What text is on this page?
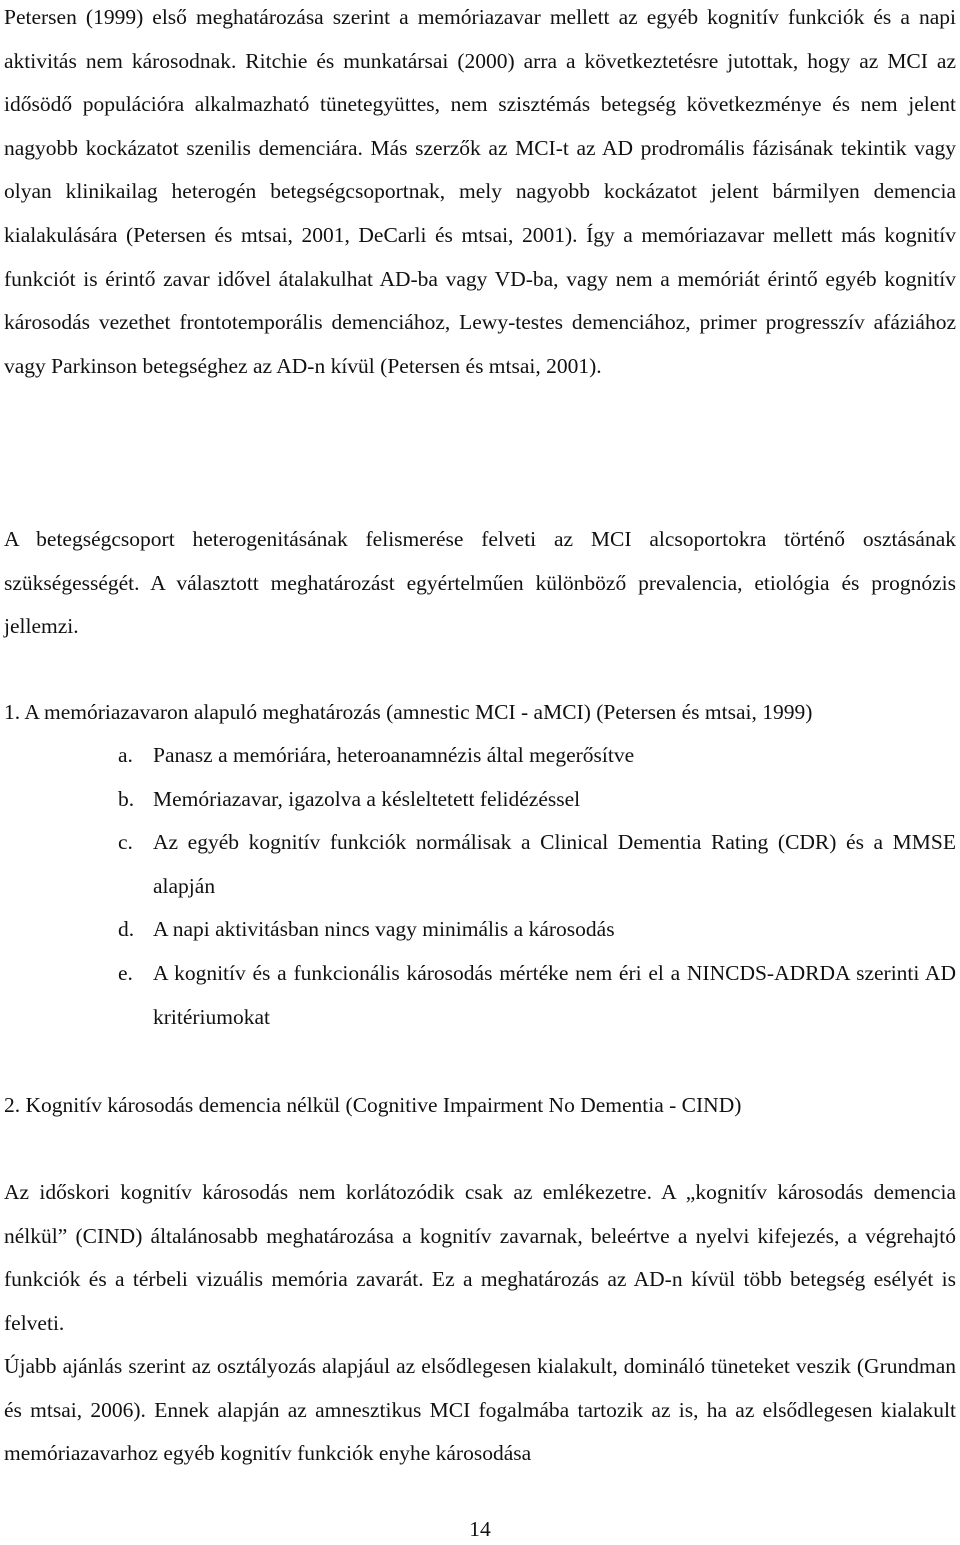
Petersen (1999) első meghatározása szerint a memóriazavar mellett az egyéb kognitív funkciók és a napi aktivitás nem károsodnak. Ritchie és munkatársai (2000) arra a következtetésre jutottak, hogy az MCI az idősödő populációra alkalmazható tünetegyüttes, nem szisztémás betegség következménye és nem jelent nagyobb kockázatot szenilis demenciára. Más szerzők az MCI-t az AD prodromális fázisának tekintik vagy olyan klinikailag heterogén betegségcsoportnak, mely nagyobb kockázatot jelent bármilyen demencia kialakulására (Petersen és mtsai, 2001, DeCarli és mtsai, 2001). Így a memóriazavar mellett más kognitív funkciót is érintő zavar idővel átalakulhat AD-ba vagy VD-ba, vagy nem a memóriát érintő egyéb kognitív károsodás vezethet frontotemporális demenciához, Lewy-testes demenciához, primer progresszív afáziához vagy Parkinson betegséghez az AD-n kívül (Petersen és mtsai, 2001).

A betegségcsoport heterogenitásának felismerése felveti az MCI alcsoportokra történő osztásának szükségességét. A választott meghatározást egyértelműen különböző prevalencia, etiológia és prognózis jellemzi.

1. A memóriazavaron alapuló meghatározás (amnestic MCI - aMCI) (Petersen és mtsai, 1999)

a. Panasz a memóriára, heteroanamnézis által megerősítve
b. Memóriazavar, igazolva a késleltetett felidézéssel
c. Az egyéb kognitív funkciók normálisak a Clinical Dementia Rating (CDR) és a MMSE alapján
d. A napi aktivitásban nincs vagy minimális a károsodás
e. A kognitív és a funkcionális károsodás mértéke nem éri el a NINCDS-ADRDA szerinti AD kritériumokat

2. Kognitív károsodás demencia nélkül (Cognitive Impairment No Dementia - CIND)

Az időskori kognitív károsodás nem korlátozódik csak az emlékezetre. A „kognitív károsodás demencia nélkül” (CIND) általánosabb meghatározása a kognitív zavarnak, beleértve a nyelvi kifejezés, a végrehajtó funkciók és a térbeli vizuális memória zavarát. Ez a meghatározás az AD-n kívül több betegség esélyét is felveti.

Újabb ajánlás szerint az osztályozás alapjául az elsődlegesen kialakult, domináló tüneteket veszik (Grundman és mtsai, 2006). Ennek alapján az amnesztikus MCI fogalmába tartozik az is, ha az elsődlegesen kialakult memóriazavarhoz egyéb kognitív funkciók enyhe károsodása

14
